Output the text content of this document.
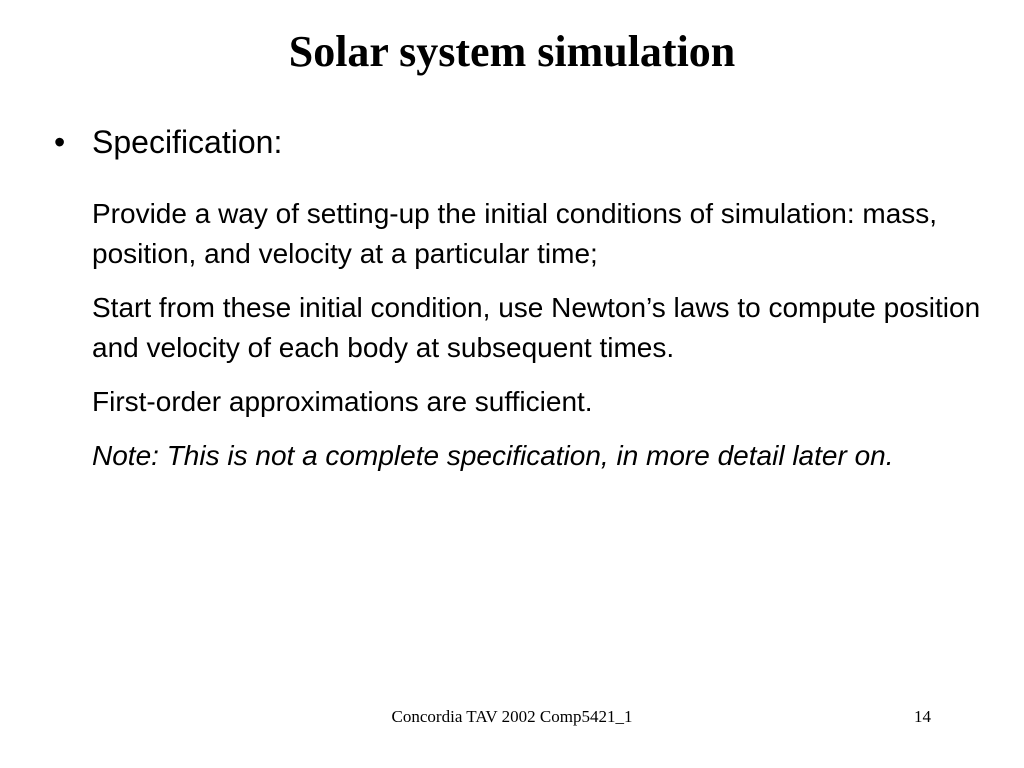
Solar system simulation
• Specification:

Provide a way of setting-up the initial conditions of simulation: mass, position, and velocity at a particular time;

Start from these initial condition, use Newton’s laws to compute position and velocity of each body at subsequent times.

First-order approximations are sufficient.

Note: This is not a complete specification, in more detail later on.

Concordia TAV 2002 Comp5421_1	14
